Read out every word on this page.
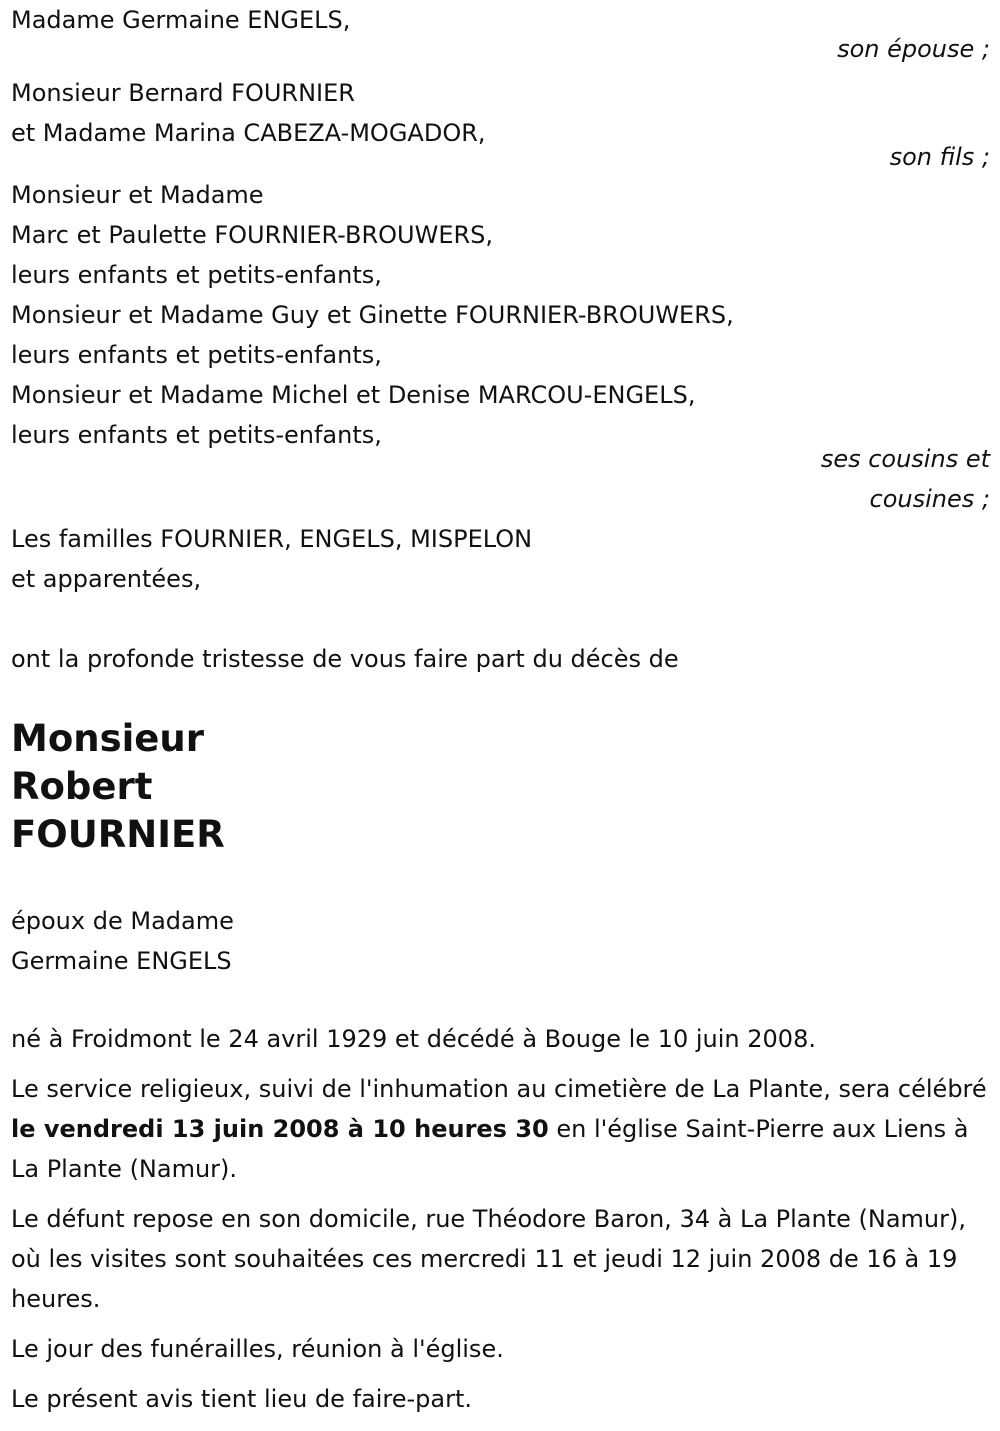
Madame Germaine ENGELS,
son épouse ;
Monsieur Bernard FOURNIER
et Madame Marina CABEZA-MOGADOR,
son fils ;
Monsieur et Madame
Marc et Paulette FOURNIER-BROUWERS,
leurs enfants et petits-enfants,
Monsieur et Madame Guy et Ginette FOURNIER-BROUWERS,
leurs enfants et petits-enfants,
Monsieur et Madame Michel et Denise MARCOU-ENGELS,
leurs enfants et petits-enfants,
ses cousins et
cousines ;
Les familles FOURNIER, ENGELS, MISPELON
et apparentées,
ont la profonde tristesse de vous faire part du décès de
Monsieur
Robert
FOURNIER
époux de Madame
Germaine ENGELS
né à Froidmont le 24 avril 1929 et décédé à Bouge le 10 juin 2008.
Le service religieux, suivi de l'inhumation au cimetière de La Plante, sera célébré le vendredi 13 juin 2008 à 10 heures 30 en l'église Saint-Pierre aux Liens à La Plante (Namur).
Le défunt repose en son domicile, rue Théodore Baron, 34 à La Plante (Namur), où les visites sont souhaitées ces mercredi 11 et jeudi 12 juin 2008 de 16 à 19 heures.
Le jour des funérailles, réunion à l'église.
Le présent avis tient lieu de faire-part.
